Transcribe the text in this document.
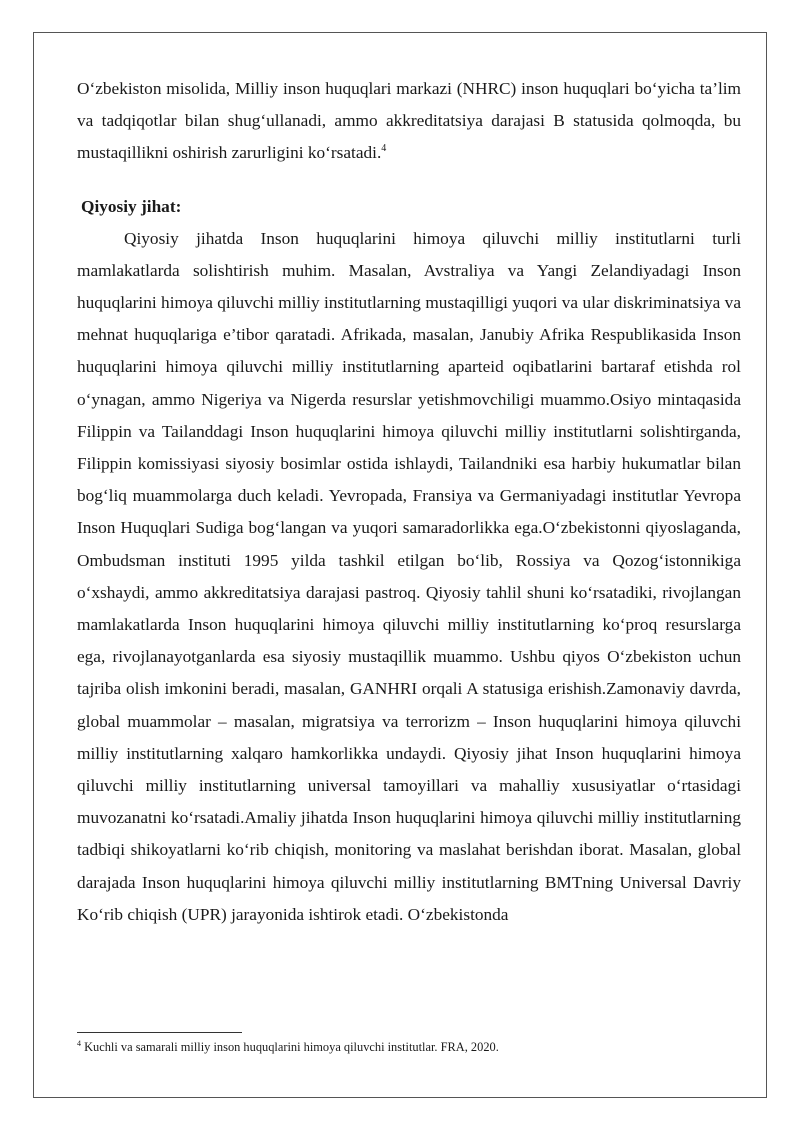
O‘zbekiston misolida, Milliy inson huquqlari markazi (NHRC) inson huquqlari bo‘yicha ta’lim va tadqiqotlar bilan shug‘ullanadi, ammo akkreditatsiya darajasi B statusida qolmoqda, bu mustaqillikni oshirish zarurligini ko‘rsatadi.$^4$

Qiyosiy jihat:

Qiyosiy jihatda Inson huquqlarini himoya qiluvchi milliy institutlarni turli mamlakatlarda solishtirish muhim. Masalan, Avstraliya va Yangi Zelandiyadagi Inson huquqlarini himoya qiluvchi milliy institutlarning mustaqilligi yuqori va ular diskriminatsiya va mehnat huquqlariga e’tibor qaratadi. Afrikada, masalan, Janubiy Afrika Respublikasida Inson huquqlarini himoya qiluvchi milliy institutlarning aparteid oqibatlarini bartaraf etishda rol o‘ynagan, ammo Nigeriya va Nigerda resurslar yetishmovchiligi muammo.Osiyo mintaqasida Filippin va Tailanddagi Inson huquqlarini himoya qiluvchi milliy institutlarni solishtirganda, Filippin komissiyasi siyosiy bosimlar ostida ishlaydi, Tailandniki esa harbiy hukumatlar bilan bog‘liq muammolarga duch keladi. Yevropada, Fransiya va Germaniyadagi institutlar Yevropa Inson Huquqlari Sudiga bog‘langan va yuqori samaradorlikka ega.O‘zbekistonni qiyoslaganda, Ombudsman instituti 1995 yilda tashkil etilgan bo‘lib, Rossiya va Qozog‘istonnikiga o‘xshaydi, ammo akkreditatsiya darajasi pastroq. Qiyosiy tahlil shuni ko‘rsatadiki, rivojlangan mamlakatlarda Inson huquqlarini himoya qiluvchi milliy institutlarning ko‘proq resurslarga ega, rivojlanayotganlarda esa siyosiy mustaqillik muammo. Ushbu qiyos O‘zbekiston uchun tajriba olish imkonini beradi, masalan, GANHRI orqali A statusiga erishish.Zamonaviy davrda, global muammolar – masalan, migratsiya va terrorizm – Inson huquqlarini himoya qiluvchi milliy institutlarning xalqaro hamkorlikka undaydi. Qiyosiy jihat Inson huquqlarini himoya qiluvchi milliy institutlarning universal tamoyillari va mahalliy xususiyatlar o‘rtasidagi muvozanatni ko‘rsatadi.Amaliy jihatda Inson huquqlarini himoya qiluvchi milliy institutlarning tadbiqi shikoyatlarni ko‘rib chiqish, monitoring va maslahat berishdan iborat. Masalan, global darajada Inson huquqlarini himoya qiluvchi milliy institutlarning BMTning Universal Davriy Ko‘rib chiqish (UPR) jarayonida ishtirok etadi. O‘zbekistonda

$^4$ Kuchli va samarali milliy inson huquqlarini himoya qiluvchi institutlar. FRA, 2020.
